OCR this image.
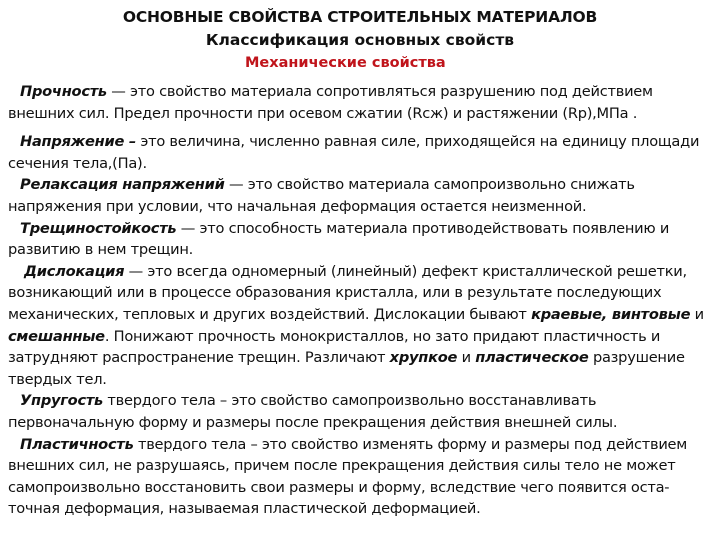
ОСНОВНЫЕ СВОЙСТВА СТРОИТЕЛЬНЫХ МАТЕРИАЛОВ
Классификация основных свойств
Механические свойства

Прочность — это свойство материала сопротивляться разрушению под действием внешних сил. Предел прочности при осевом сжатии (Rсж) и растяжении (Rр),МПа .

Напряжение – это величина, численно равная силе, приходящейся на единицу площади сечения тела,(Па).

Релаксация напряжений — это свойство материала самопроизвольно снижать напряжения при условии, что начальная деформация остается неизменной.

Трещиностойкость — это способность материала противодействовать появлению и развитию в нем трещин.

Дислокация — это всегда одномерный (линейный) дефект кристаллической решетки, возникающий или в процессе образования кристалла, или в результате последующих механических, тепловых и других воздействий. Дислокации бывают краевые, винтовые и смешанные. Понижают прочность монокристаллов, но зато придают пластичность и затрудняют распространение трещин. Различают хрупкое и пластическое разрушение твердых тел.

Упругость твердого тела – это свойство самопроизвольно восстанавливать первоначальную форму и размеры после прекращения действия внешней силы.

Пластичность твердого тела – это свойство изменять форму и размеры под действием внешних сил, не разрушаясь, причем после прекращения действия силы тело не может самопроизвольно восстановить свои размеры и форму, вследствие чего появится оста-точная деформация, называемая пластической деформацией.
